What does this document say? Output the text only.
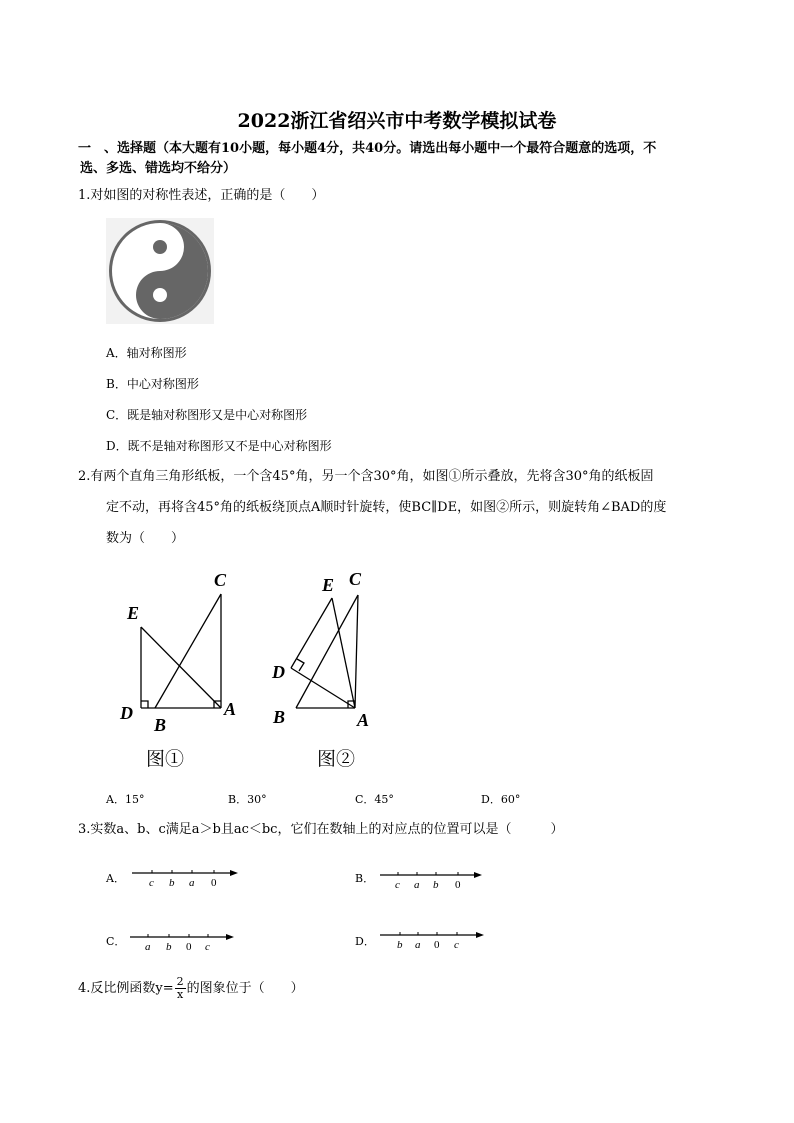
2022浙江省绍兴市中考数学模拟试卷
一　、选择题（本大题有10小题，每小题4分，共40分。请选出每小题中一个最符合题意的选项，不
选、多选、错选均不给分）
1.对如图的对称性表述，正确的是（　　）
A．轴对称图形
B．中心对称图形
C．既是轴对称图形又是中心对称图形
D．既不是轴对称图形又不是中心对称图形
2.有两个直角三角形纸板，一个含45°角，另一个含30°角，如图①所示叠放，先将含30°角的纸板固
定不动，再将含45°角的纸板绕顶点A顺时针旋转，使BC∥DE，如图②所示，则旋转角∠BAD的度
数为（　　）
E
C
D
B
A
图①
E C
D
B	A
图②
A．15°	B．30°	C．45°	D．60°
3.实数a、b、c满足a＞b且ac＜bc，它们在数轴上的对应点的位置可以是（　　　）
A． c b a 0	B． c a b 0
C． a b 0 c	D． b a 0 c
4.反比例函数$y= \frac{2}{x}$ 的图象位于（　　）
